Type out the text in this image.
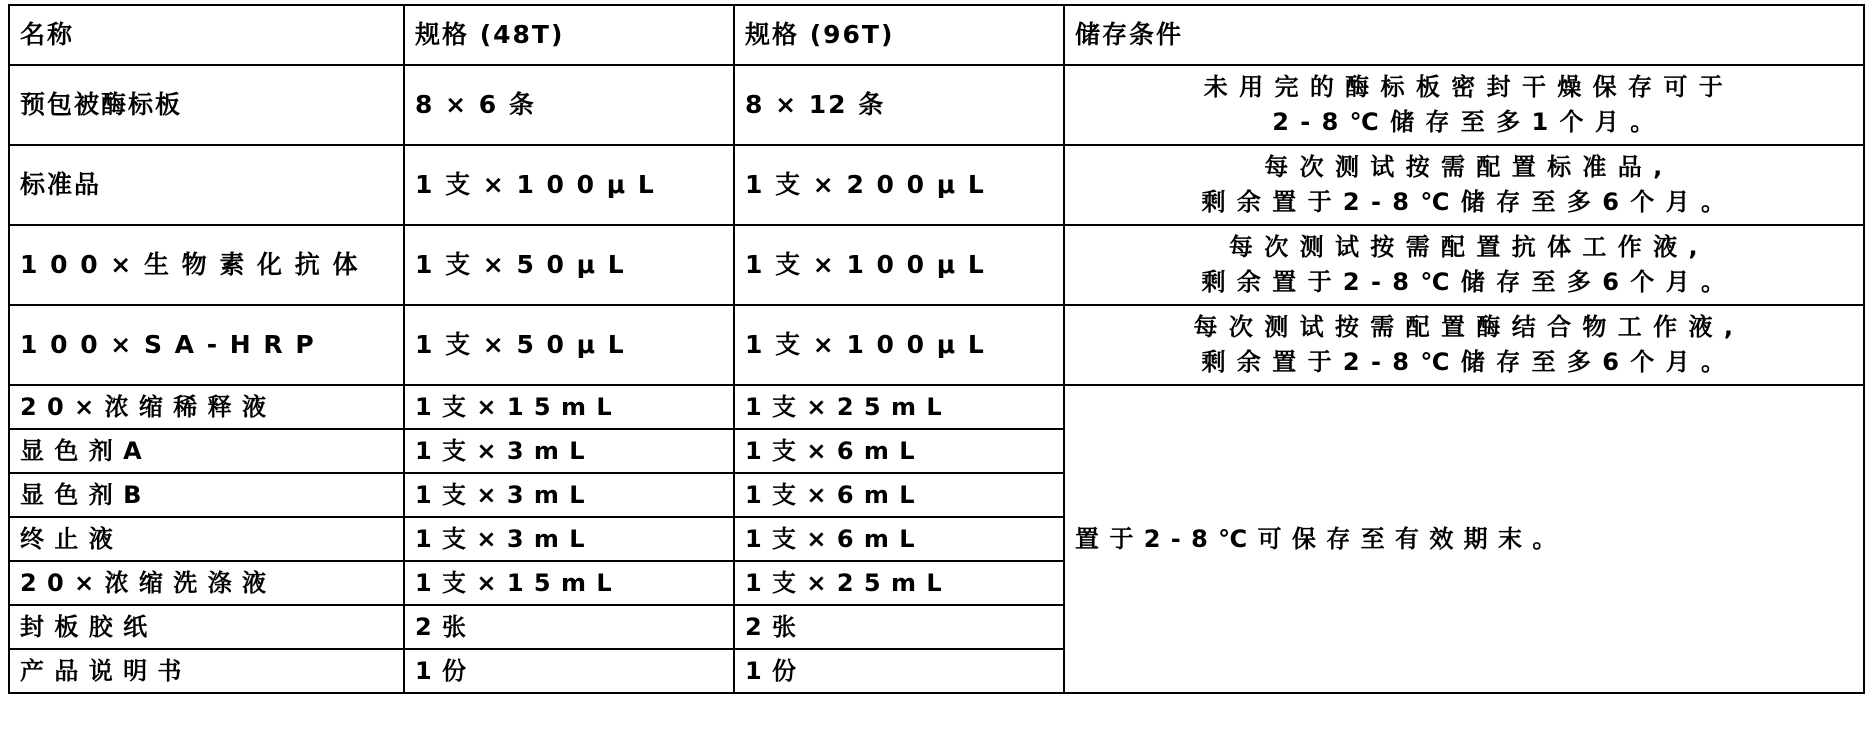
名称	规格 (48T)	规格 (96T)	储存条件
预包被酶标板	8 × 6 条	8 × 12 条	未 用 完 的 酶 标 板 密 封 干 燥 保 存 可 于
2 - 8 ℃ 储 存 至 多 1 个 月 。

标准品	1 支 × 1 0 0 μ L	1 支 × 2 0 0 μ L	每 次 测 试 按 需 配 置 标 准 品 ,
剩 余 置 于 2 - 8 ℃ 储 存 至 多 6 个 月 。

1 0 0 × 生 物 素 化 抗 体	1 支 × 5 0 μ L	1 支 × 1 0 0 μ L	每 次 测 试 按 需 配 置 抗 体 工 作 液 ,
剩 余 置 于 2 - 8 ℃ 储 存 至 多 6 个 月 。

1 0 0 × S A - H R P	1 支 × 5 0 μ L	1 支 × 1 0 0 μ L	每 次 测 试 按 需 配 置 酶 结 合 物 工 作 液 ,
剩 余 置 于 2 - 8 ℃ 储 存 至 多 6 个 月 。

2 0 × 浓 缩 稀 释 液	1 支 × 1 5 m L	1 支 × 2 5 m L	置 于 2 - 8 ℃ 可 保 存 至 有 效 期 末 。
显 色 剂 A	1 支 × 3 m L	1 支 × 6 m L	
显 色 剂 B	1 支 × 3 m L	1 支 × 6 m L	
终 止 液	1 支 × 3 m L	1 支 × 6 m L	
2 0 × 浓 缩 洗 涤 液	1 支 × 1 5 m L	1 支 × 2 5 m L	
封 板 胶 纸	2 张	2 张	
产 品 说 明 书	1 份	1 份	
